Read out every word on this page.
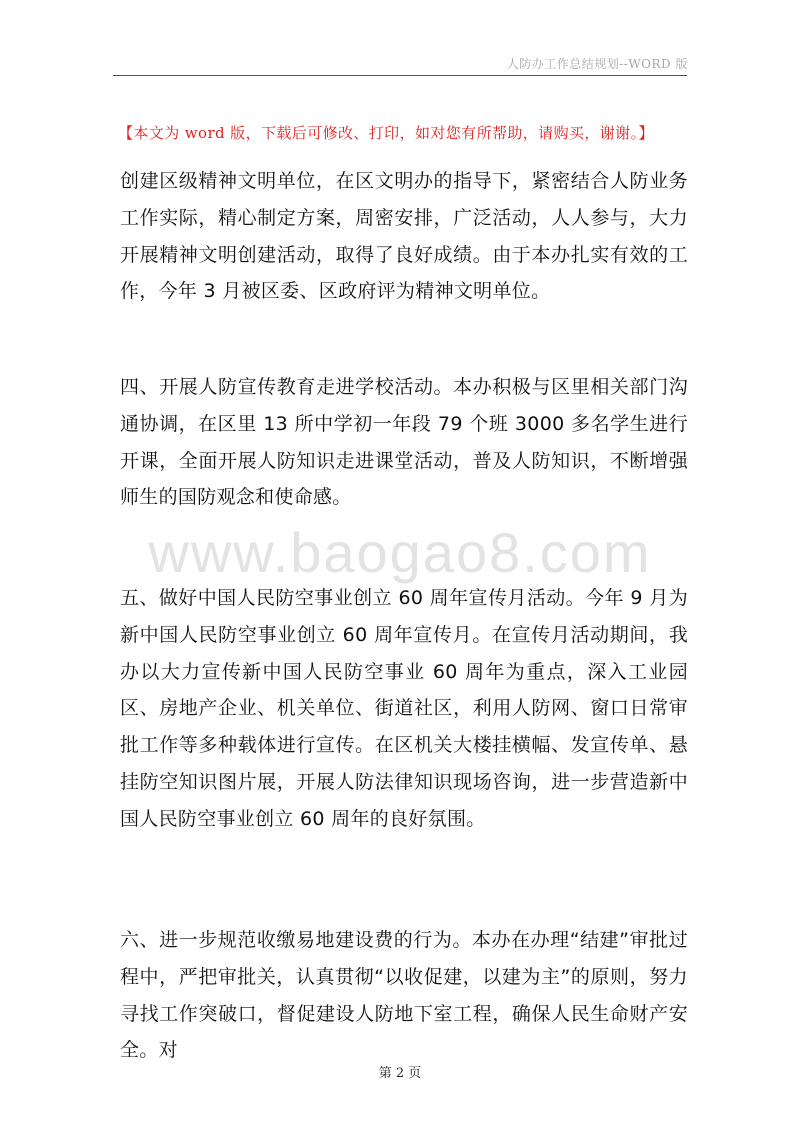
人防办工作总结规划--WORD 版
【本文为 word 版，下载后可修改、打印，如对您有所帮助，请购买，谢谢。】

创建区级精神文明单位，在区文明办的指导下，紧密结合人防业务工作实际，精心制定方案，周密安排，广泛活动，人人参与，大力开展精神文明创建活动，取得了良好成绩。由于本办扎实有效的工作，今年 3 月被区委、区政府评为精神文明单位。

四、开展人防宣传教育走进学校活动。本办积极与区里相关部门沟通协调，在区里 13 所中学初一年段 79 个班 3000 多名学生进行开课，全面开展人防知识走进课堂活动，普及人防知识，不断增强师生的国防观念和使命感。

www.baogao8.com

五、做好中国人民防空事业创立 60 周年宣传月活动。今年 9 月为新中国人民防空事业创立 60 周年宣传月。在宣传月活动期间，我办以大力宣传新中国人民防空事业 60 周年为重点，深入工业园区、房地产企业、机关单位、街道社区，利用人防网、窗口日常审批工作等多种载体进行宣传。在区机关大楼挂横幅、发宣传单、悬挂防空知识图片展，开展人防法律知识现场咨询，进一步营造新中国人民防空事业创立 60 周年的良好氛围。

六、进一步规范收缴易地建设费的行为。本办在办理“结建”审批过程中，严把审批关，认真贯彻“以收促建，以建为主”的原则，努力寻找工作突破口，督促建设人防地下室工程，确保人民生命财产安全。对

第 2 页
